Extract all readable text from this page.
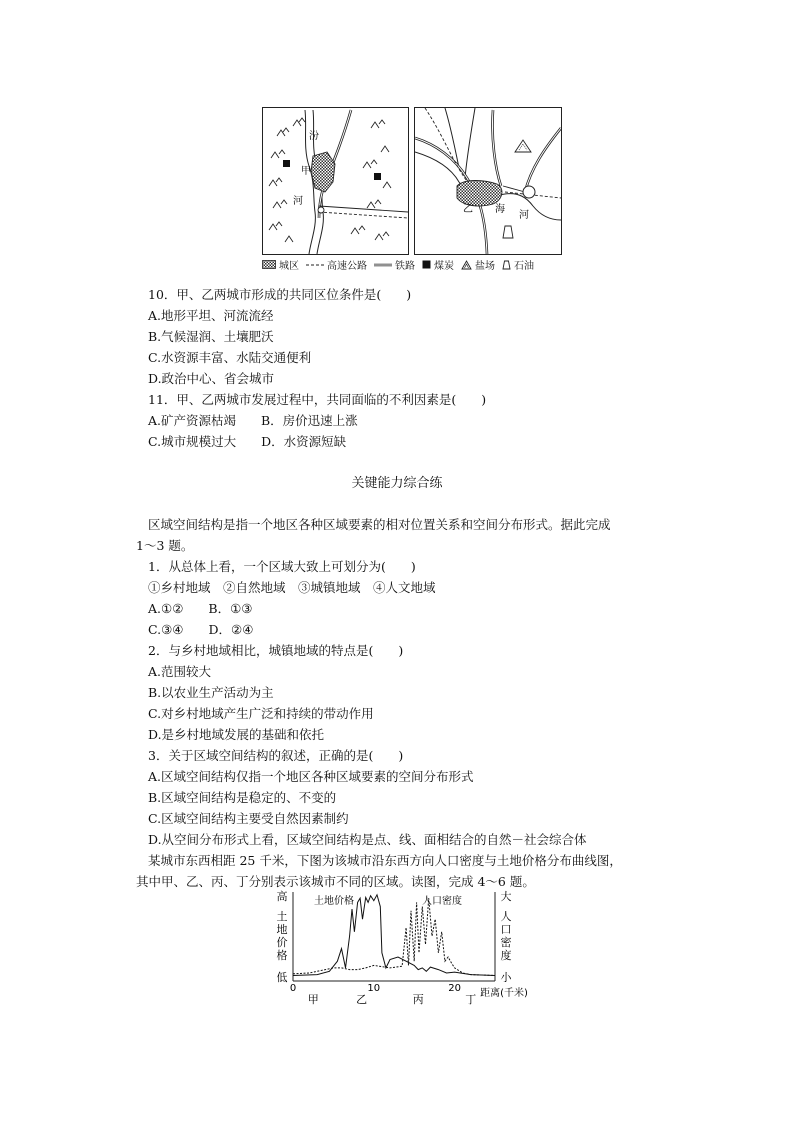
汾
甲
河
乙 海
河
城区	高速公路	铁路 煤炭 盐场 石油
10．甲、乙两城市形成的共同区位条件是(　　)
A.地形平坦、河流流经
B.气候湿润、土壤肥沃
C.水资源丰富、水陆交通便利
D.政治中心、省会城市
11．甲、乙两城市发展过程中，共同面临的不利因素是(　　)
A.矿产资源枯竭　　B．房价迅速上涨
C.城市规模过大　　D．水资源短缺
关键能力综合练
区域空间结构是指一个地区各种区域要素的相对位置关系和空间分布形式。据此完成
1～3 题。
1．从总体上看，一个区域大致上可划分为(　　)
①乡村地域　②自然地域　③城镇地域　④人文地域
A.①②　　B．①③
C.③④　　D．②④
2．与乡村地域相比，城镇地域的特点是(　　)
A.范围较大
B.以农业生产活动为主
C.对乡村地域产生广泛和持续的带动作用
D.是乡村地域发展的基础和依托
3．关于区域空间结构的叙述，正确的是(　　)
A.区域空间结构仅指一个地区各种区域要素的空间分布形式
B.区域空间结构是稳定的、不变的
C.区域空间结构主要受自然因素制约
D.从空间分布形式上看，区域空间结构是点、线、面相结合的自然－社会综合体
某城市东西相距 25 千米，下图为该城市沿东西方向人口密度与土地价格分布曲线图，
其中甲、乙、丙、丁分别表示该城市不同的区域。读图，完成 4～6 题。
高
土
地
价
格
低
大
人
口
密
度
小
0	10	20
甲	乙	丙	丁 距离(千米)
土地价格	人口密度
